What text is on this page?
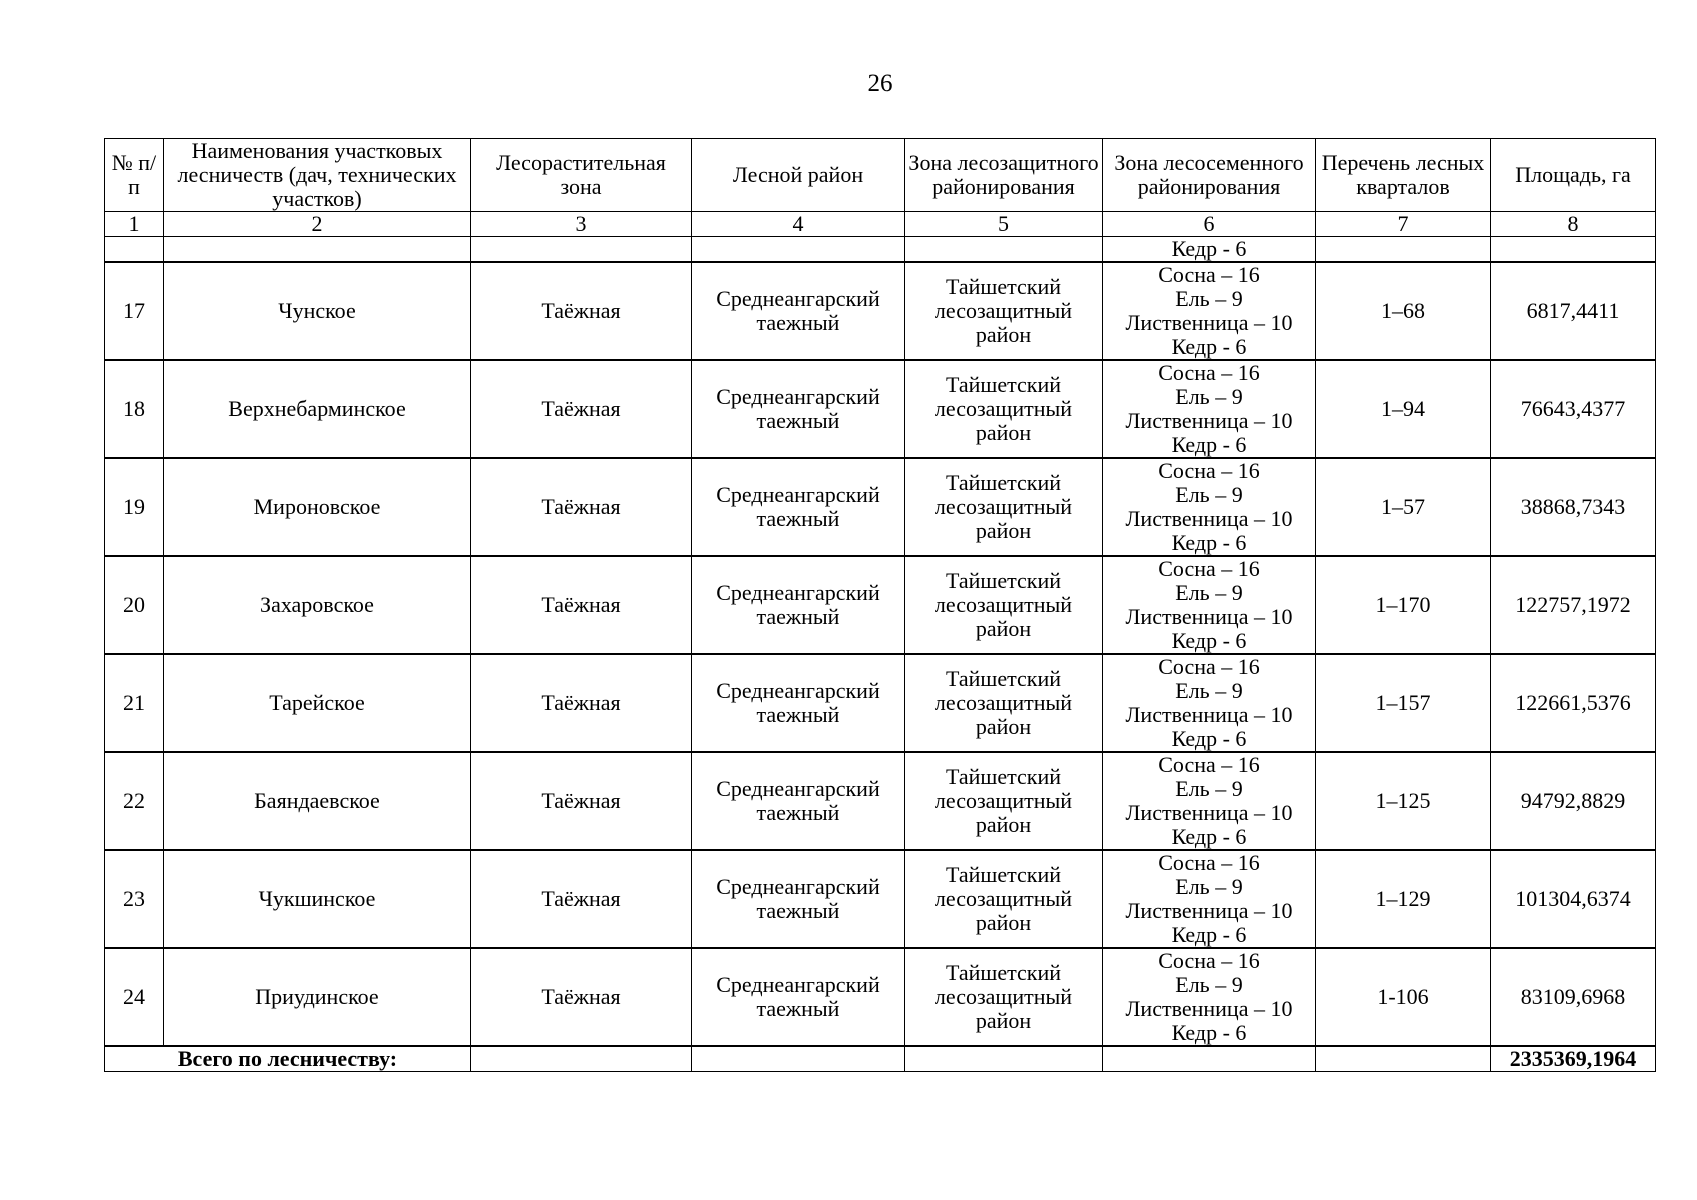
26
№ п/п	Наименования участковых лесничеств (дач, технических участков)	Лесорастительная зона	Лесной район	Зона лесозащитного районирования	Зона лесосеменного районирования	Перечень лесных кварталов	Площадь, га
1	2	3	4	5	6	7	8
					Кедр - 6		
17	Чунское	Таёжная	Среднеангарский таежный	Тайшетский лесозащитный район	Сосна – 16
Ель – 9
Лиственница – 10
Кедр - 6	1–68	6817,4411
18	Верхнебарминское	Таёжная	Среднеангарский таежный	Тайшетский лесозащитный район	Сосна – 16
Ель – 9
Лиственница – 10
Кедр - 6	1–94	76643,4377
19	Мироновское	Таёжная	Среднеангарский таежный	Тайшетский лесозащитный район	Сосна – 16
Ель – 9
Лиственница – 10
Кедр - 6	1–57	38868,7343
20	Захаровское	Таёжная	Среднеангарский таежный	Тайшетский лесозащитный район	Сосна – 16
Ель – 9
Лиственница – 10
Кедр - 6	1–170	122757,1972
21	Тарейское	Таёжная	Среднеангарский таежный	Тайшетский лесозащитный район	Сосна – 16
Ель – 9
Лиственница – 10
Кедр - 6	1–157	122661,5376
22	Баяндаевское	Таёжная	Среднеангарский таежный	Тайшетский лесозащитный район	Сосна – 16
Ель – 9
Лиственница – 10
Кедр - 6	1–125	94792,8829
23	Чукшинское	Таёжная	Среднеангарский таежный	Тайшетский лесозащитный район	Сосна – 16
Ель – 9
Лиственница – 10
Кедр - 6	1–129	101304,6374
24	Приудинское	Таёжная	Среднеангарский таежный	Тайшетский лесозащитный район	Сосна – 16
Ель – 9
Лиственница – 10
Кедр - 6	1-106	83109,6968
Всего по лесничеству:							2335369,1964
